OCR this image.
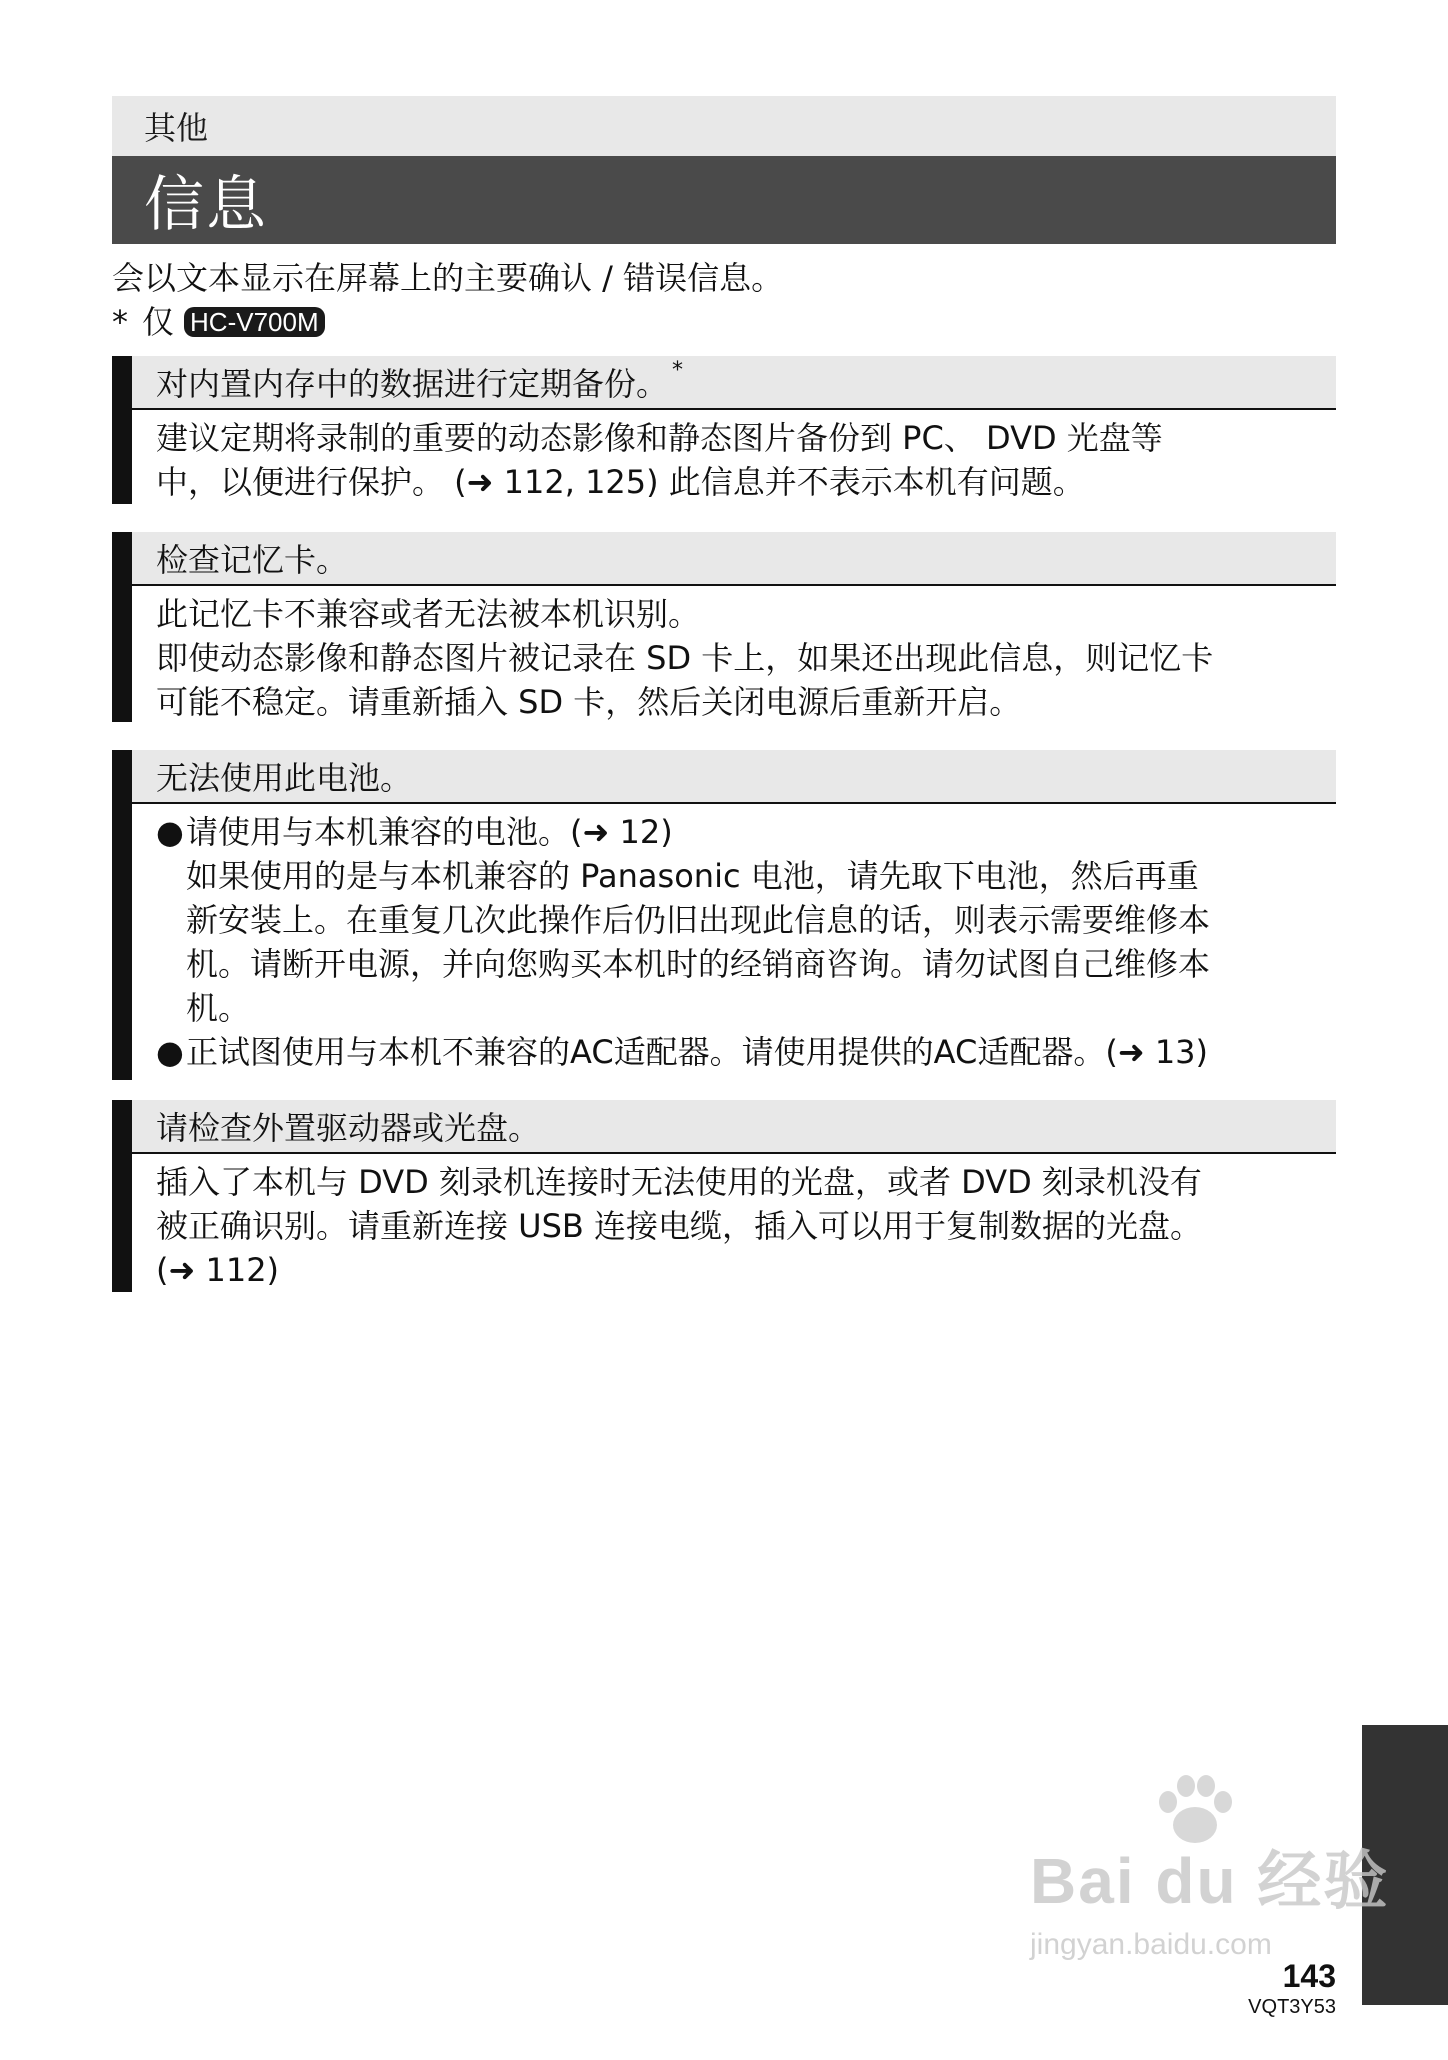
其他
信息
会以文本显示在屏幕上的主要确认 / 错误信息。
* 仅 HC-V700M
对内置内存中的数据进行定期备份。*

建议定期将录制的重要的动态影像和静态图片备份到 PC、 DVD 光盘等

中，以便进行保护。 (➜ 112, 125) 此信息并不表示本机有问题。

检查记忆卡。

此记忆卡不兼容或者无法被本机识别。

即使动态影像和静态图片被记录在 SD 卡上，如果还出现此信息，则记忆卡

可能不稳定。请重新插入 SD 卡，然后关闭电源后重新开启。

无法使用此电池。
● 请使用与本机兼容的电池。(➜ 12)

如果使用的是与本机兼容的 Panasonic 电池，请先取下电池，然后再重

新安装上。在重复几次此操作后仍旧出现此信息的话，则表示需要维修本

机。请断开电源，并向您购买本机时的经销商咨询。请勿试图自己维修本

机。

● 正试图使用与本机不兼容的AC适配器。请使用提供的AC适配器。(➜ 13)
请检查外置驱动器或光盘。

插入了本机与 DVD 刻录机连接时无法使用的光盘，或者 DVD 刻录机没有

被正确识别。请重新连接 USB 连接电缆，插入可以用于复制数据的光盘。

(➜ 112)

Bai du 经验
jingyan.baidu.com
143
VQT3Y53
